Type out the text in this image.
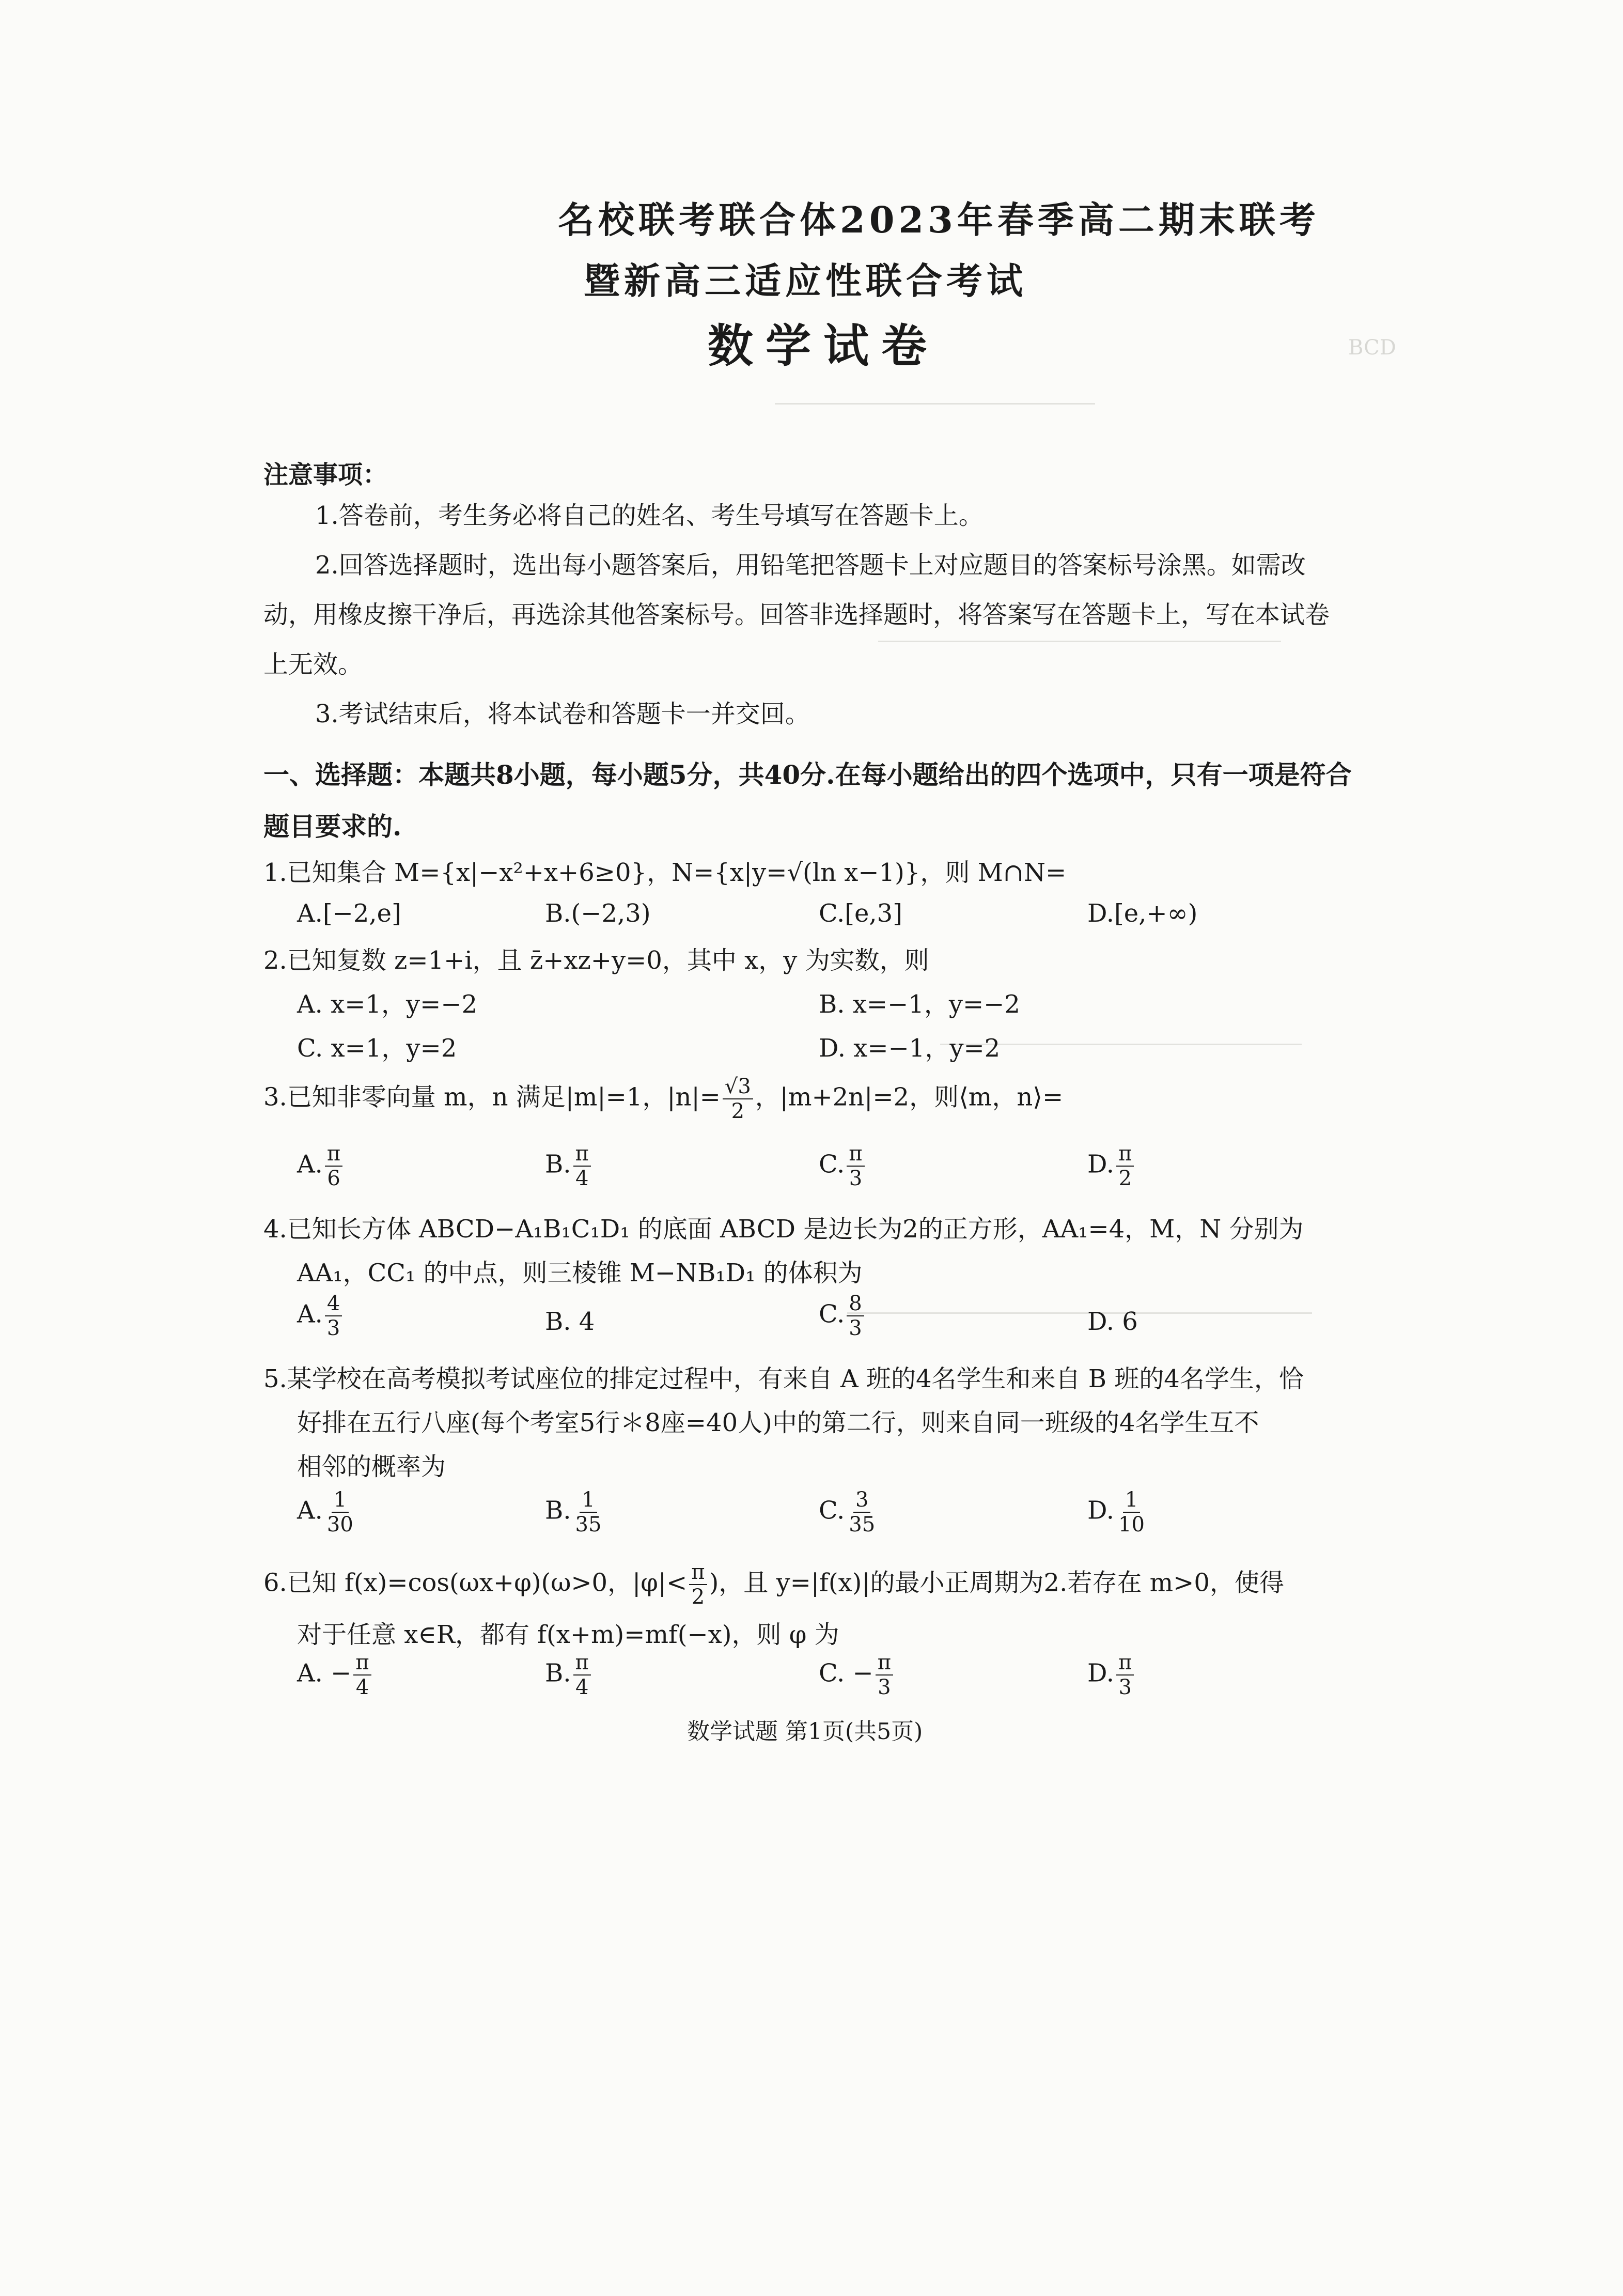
BCD
名校联考联合体2023年春季高二期末联考
暨新高三适应性联合考试
数学试卷
注意事项：
1.答卷前，考生务必将自己的姓名、考生号填写在答题卡上。
2.回答选择题时，选出每小题答案后，用铅笔把答题卡上对应题目的答案标号涂黑。如需改
动，用橡皮擦干净后，再选涂其他答案标号。回答非选择题时，将答案写在答题卡上，写在本试卷
上无效。
3.考试结束后，将本试卷和答题卡一并交回。
一、选择题：本题共8小题，每小题5分，共40分.在每小题给出的四个选项中，只有一项是符合
题目要求的.
1.已知集合 M={x|−x²+x+6≥0}，N={x|y=√(ln x−1)}，则 M∩N=
A.[−2,e]	B.(−2,3)	C.[e,3]	D.[e,+∞)
2.已知复数 z=1+i，且 z̄+xz+y=0，其中 x，y 为实数，则
A. x=1，y=−2	B. x=−1，y=−2
C. x=1，y=2	D. x=−1，y=2
3.已知非零向量 m，n 满足|m|=1，$|n|= \frac{√3}{2}$ ，|m+2n|=2，则⟨m，n⟩=
A. $\frac{\pi}{6}$	B. $\frac{\pi}{4}$	C. $\frac{\pi}{3}$	D. $\frac{\pi}{2}$
4.已知长方体 ABCD−A₁B₁C₁D₁ 的底面 ABCD 是边长为2的正方形，AA₁=4，M，N 分别为
AA₁，CC₁ 的中点，则三棱锥 M−NB₁D₁ 的体积为
A. $\frac{4}{3}$	B. 4	C. $\frac{8}{3}$	D. 6
5.某学校在高考模拟考试座位的排定过程中，有来自 A 班的4名学生和来自 B 班的4名学生，恰
好排在五行八座(每个考室5行＊8座=40人)中的第二行，则来自同一班级的4名学生互不
相邻的概率为
A. $\frac{1}{30}$	B. $\frac{1}{35}$	C. $\frac{3}{35}$	D. $\frac{1}{10}$
6.已知 f(x)=cos(ωx+φ)(ω>0，$|\varphi|< \frac{\pi}{2}$ )，且 y=|f(x)|的最小正周期为2.若存在 m>0，使得
对于任意 x∈R，都有 f(x+m)=mf(−x)，则 φ 为
A. − $\frac{\pi}{4}$	B. $\frac{\pi}{4}$	C. − $\frac{\pi}{3}$	D. $\frac{\pi}{3}$
数学试题 第1页(共5页)
